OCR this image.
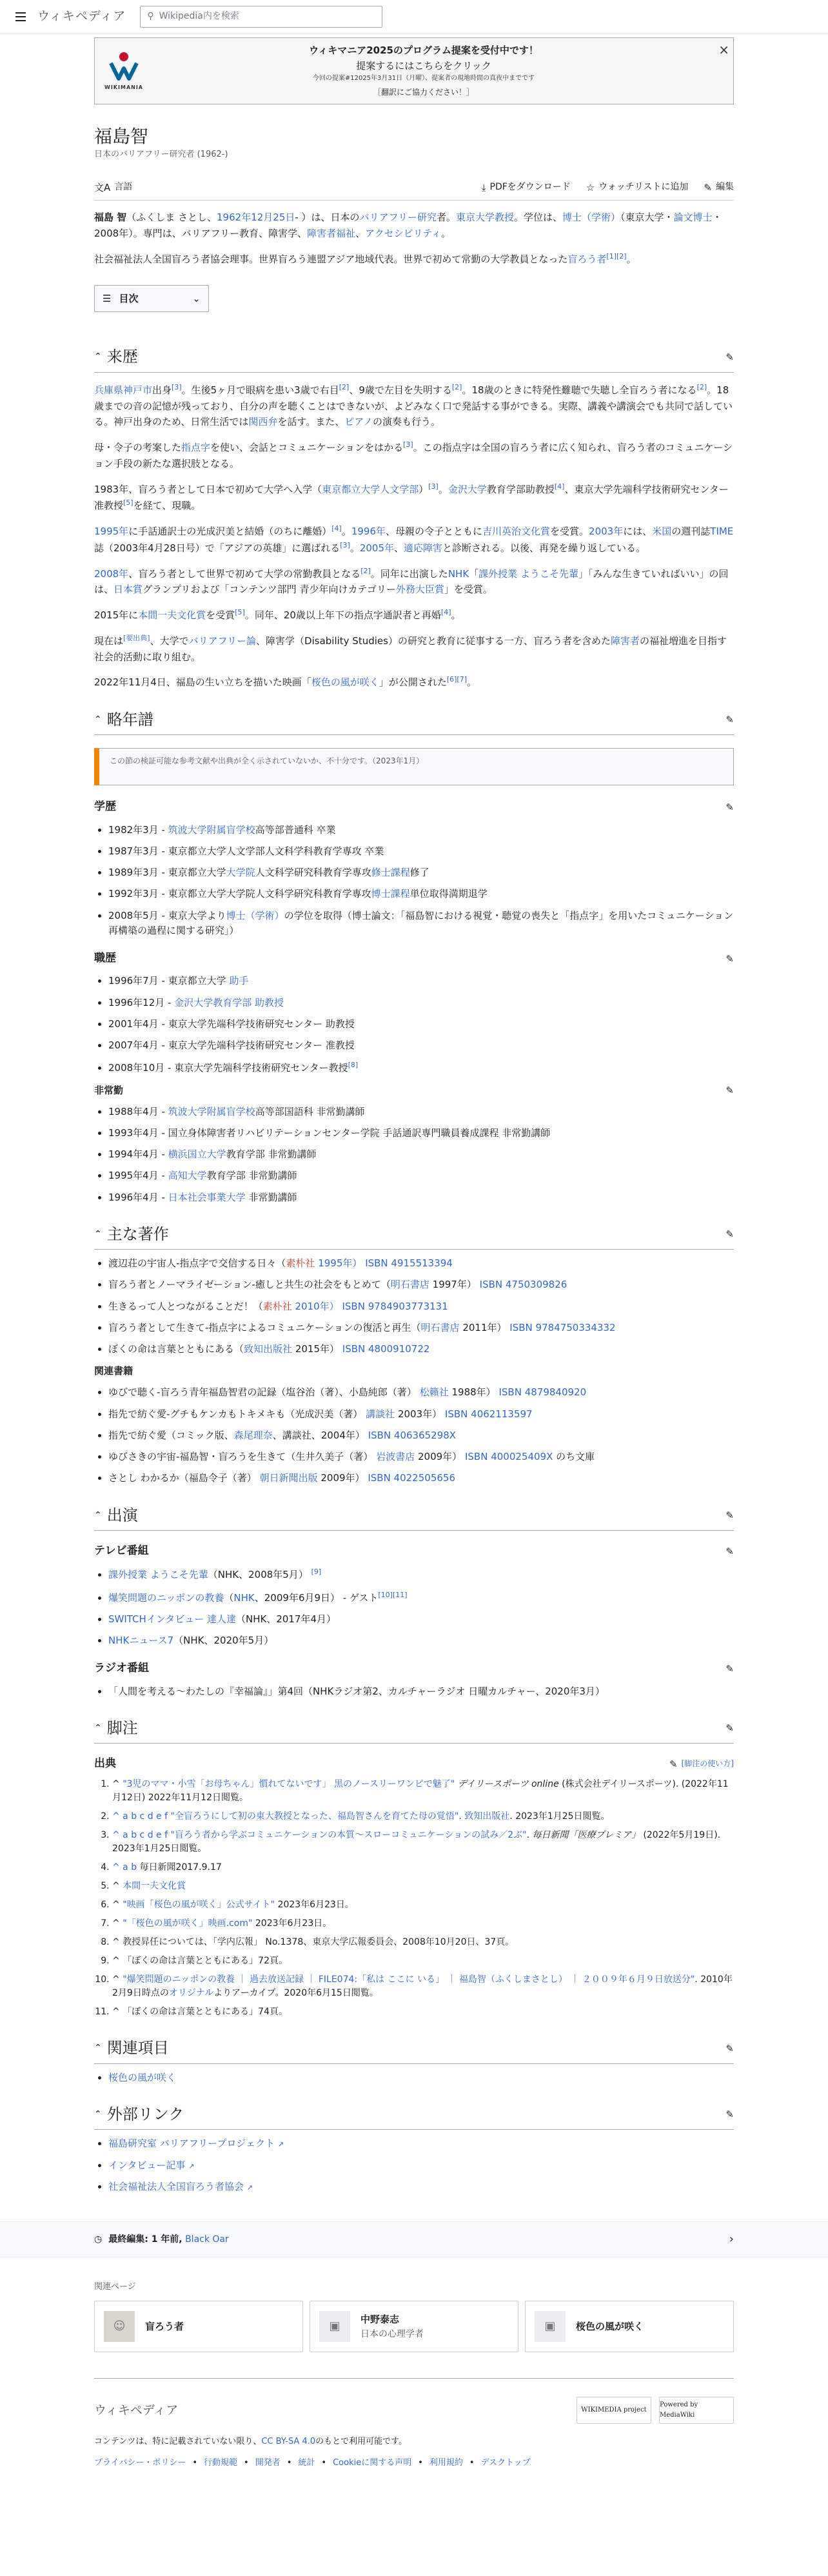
ウィキペディア ⚲ Wikipedia内を検索
WIKIMANIA
ウィキマニア2025のプログラム提案を受付中です！
提案するにはこちらをクリック
今回の提案#12025年3月31日（月曜）、提案者の現地時間の真夜中までです
［翻訳にご協力ください！］
×
福島智
日本のバリアフリー研究者 (1962-)
文A 言語	⤓ PDFをダウンロード ☆ ウォッチリストに追加 ✎ 編集

福島 智（ふくしま さとし、1962年12月25日- ）は、日本のバリアフリー研究者。東京大学教授。学位は、博士（学術）（東京大学・論文博士・2008年）。専門は、バリアフリー教育、障害学、障害者福祉、アクセシビリティ。

社会福祉法人全国盲ろう者協会理事。世界盲ろう連盟アジア地域代表。世界で初めて常勤の大学教員となった盲ろう者[1][2]。

☰ 目次	⌄
⌃ 来歴	✎

兵庫県神戸市出身[3]。生後5ヶ月で眼病を患い3歳で右目[2]、9歳で左目を失明する[2]。18歳のときに特発性難聴で失聴し全盲ろう者になる[2]。18歳までの音の記憶が残っており、自分の声を聴くことはできないが、よどみなく口で発話する事ができる。実際、講義や講演会でも共同で話している。神戸出身のため、日常生活では関西弁を話す。また、ピアノの演奏も行う。

母・令子の考案した指点字を使い、会話とコミュニケーションをはかる[3]。この指点字は全国の盲ろう者に広く知られ、盲ろう者のコミュニケーション手段の新たな選択肢となる。

1983年、盲ろう者として日本で初めて大学へ入学（東京都立大学人文学部）[3]。金沢大学教育学部助教授[4]、東京大学先端科学技術研究センター准教授[5]を経て、現職。

1995年に手話通訳士の光成沢美と結婚（のちに離婚）[4]。1996年、母親の令子とともに吉川英治文化賞を受賞。2003年には、米国の週刊誌TIME誌（2003年4月28日号）で「アジアの英雄」に選ばれる[3]。2005年、適応障害と診断される。以後、再発を繰り返している。

2008年、盲ろう者として世界で初めて大学の常勤教員となる[2]。同年に出演したNHK「課外授業 ようこそ先輩」「みんな生きていればいい」の回は、日本賞グランプリおよび「コンテンツ部門 青少年向けカテゴリー外務大臣賞」を受賞。

2015年に本間一夫文化賞を受賞[5]。同年、20歳以上年下の指点字通訳者と再婚[4]。

現在は[要出典]、大学でバリアフリー論、障害学（Disability Studies）の研究と教育に従事する一方、盲ろう者を含めた障害者の福祉増進を目指す社会的活動に取り組む。

2022年11月4日、福島の生い立ちを描いた映画「桜色の風が咲く」が公開された[6][7]。

⌃ 略年譜	✎
この節の検証可能な参考文献や出典が全く示されていないか、不十分です。（2023年1月）
学歴	✎
• 1982年3月 - 筑波大学附属盲学校高等部普通科 卒業
• 1987年3月 - 東京都立大学人文学部人文科学科教育学専攻 卒業
• 1989年3月 - 東京都立大学大学院人文科学研究科教育学専攻修士課程修了
• 1992年3月 - 東京都立大学大学院人文科学研究科教育学専攻博士課程単位取得満期退学
• 2008年5月 - 東京大学より博士（学術）の学位を取得（博士論文：「福島智における視覚・聴覚の喪失と「指点字」を用いたコミュニケーション再構築の過程に関する研究」）
職歴	✎
• 1996年7月 - 東京都立大学 助手
• 1996年12月 - 金沢大学教育学部 助教授
• 2001年4月 - 東京大学先端科学技術研究センター 助教授
• 2007年4月 - 東京大学先端科学技術研究センター 准教授
• 2008年10月 - 東京大学先端科学技術研究センター教授[8]
非常勤	✎
• 1988年4月 - 筑波大学附属盲学校高等部国語科 非常勤講師
• 1993年4月 - 国立身体障害者リハビリテーションセンター学院 手話通訳専門職員養成課程 非常勤講師
• 1994年4月 - 横浜国立大学教育学部 非常勤講師
• 1995年4月 - 高知大学教育学部 非常勤講師
• 1996年4月 - 日本社会事業大学 非常勤講師
⌃ 主な著作	✎
• 渡辺荘の宇宙人-指点字で交信する日々（素朴社 1995年） ISBN 4915513394
• 盲ろう者とノーマライゼーション-癒しと共生の社会をもとめて（明石書店 1997年） ISBN 4750309826
• 生きるって人とつながることだ！（素朴社 2010年） ISBN 9784903773131
• 盲ろう者として生きて-指点字によるコミュニケーションの復活と再生（明石書店 2011年） ISBN 9784750334332
• ぼくの命は言葉とともにある（致知出版社 2015年） ISBN 4800910722
関連書籍
• ゆびで聴く-盲ろう青年福島智君の記録（塩谷治（著）、小島純郎（著） 松籟社 1988年） ISBN 4879840920
• 指先で紡ぐ愛-グチもケンカもトキメキも（光成沢美（著） 講談社 2003年） ISBN 4062113597
• 指先で紡ぐ愛（コミック版、森尾理奈、講談社、2004年） ISBN 406365298X
• ゆびさきの宇宙-福島智・盲ろうを生きて（生井久美子（著） 岩波書店 2009年） ISBN 400025409X のち文庫
• さとし わかるか（福島令子（著） 朝日新聞出版 2009年） ISBN 4022505656
⌃ 出演	✎
テレビ番組	✎
• 課外授業 ようこそ先輩（NHK、2008年5月） [9]
• 爆笑問題のニッポンの教養（NHK、2009年6月9日） - ゲスト[10][11]
• SWITCHインタビュー 達人達（NHK、2017年4月）
• NHKニュース7（NHK、2020年5月）
ラジオ番組	✎
• 「人間を考える〜わたしの『幸福論』」第4回（NHKラジオ第2、カルチャーラジオ 日曜カルチャー、2020年3月）
⌃ 脚注	✎
出典	✎ [脚注の使い方]
1. ^ "3児のママ・小雪「お母ちゃん」慣れてないです」 黒のノースリーワンピで魅了" デイリースポーツ online (株式会社デイリースポーツ). (2022年11月12日) 2022年11月12日閲覧。
2. ^ a b c d e f "全盲ろうにして初の東大教授となった、福島智さんを育てた母の覚悟". 致知出版社. 2023年1月25日閲覧。
3. ^ a b c d e f "盲ろう者から学ぶコミュニケーションの本質〜スローコミュニケーションの試み／2ぶ". 毎日新聞「医療プレミア」 (2022年5月19日). 2023年1月25日閲覧。
4. ^ a b 毎日新聞2017.9.17
5. ^ 本間一夫文化賞
6. ^ "映画「桜色の風が咲く」公式サイト" 2023年6月23日。
7. ^ "「桜色の風が咲く」映画.com" 2023年6月23日。
8. ^ 教授昇任については、「学内広報」 No.1378、東京大学広報委員会、2008年10月20日、37頁。
9. ^ 「ぼくの命は言葉とともにある」72頁。
10. ^ "爆笑問題のニッポンの教養 ｜ 過去放送記録 ｜ FILE074:「私は ここに いる」 ｜ 福島智（ふくしまさとし） ｜ ２００９年６月９日放送分". 2010年2月9日時点のオリジナルよりアーカイブ。2020年6月15日閲覧。
11. ^ 「ぼくの命は言葉とともにある」74頁。
⌃ 関連項目	✎
• 桜色の風が咲く
⌃ 外部リンク	✎
• 福島研究室 バリアフリープロジェクト ↗
• インタビュー記事 ↗
• 社会福祉法人全国盲ろう者協会 ↗
◷ 最終編集: 1 年前,
Black Oar	›
関連ページ
☺	盲ろう者	▣	中野泰志
日本の心理学者
▣	桜色の風が咲く
ウィキペディア	WIKIMEDIA project
Powered by MediaWiki
コンテンツは、特に記載されていない限り、CC BY-SA 4.0のもとで利用可能です。
プライバシー・ポリシー • 行動規範 • 開発者 • 統計 • Cookieに関する声明 • 利用規約 • デスクトップ
